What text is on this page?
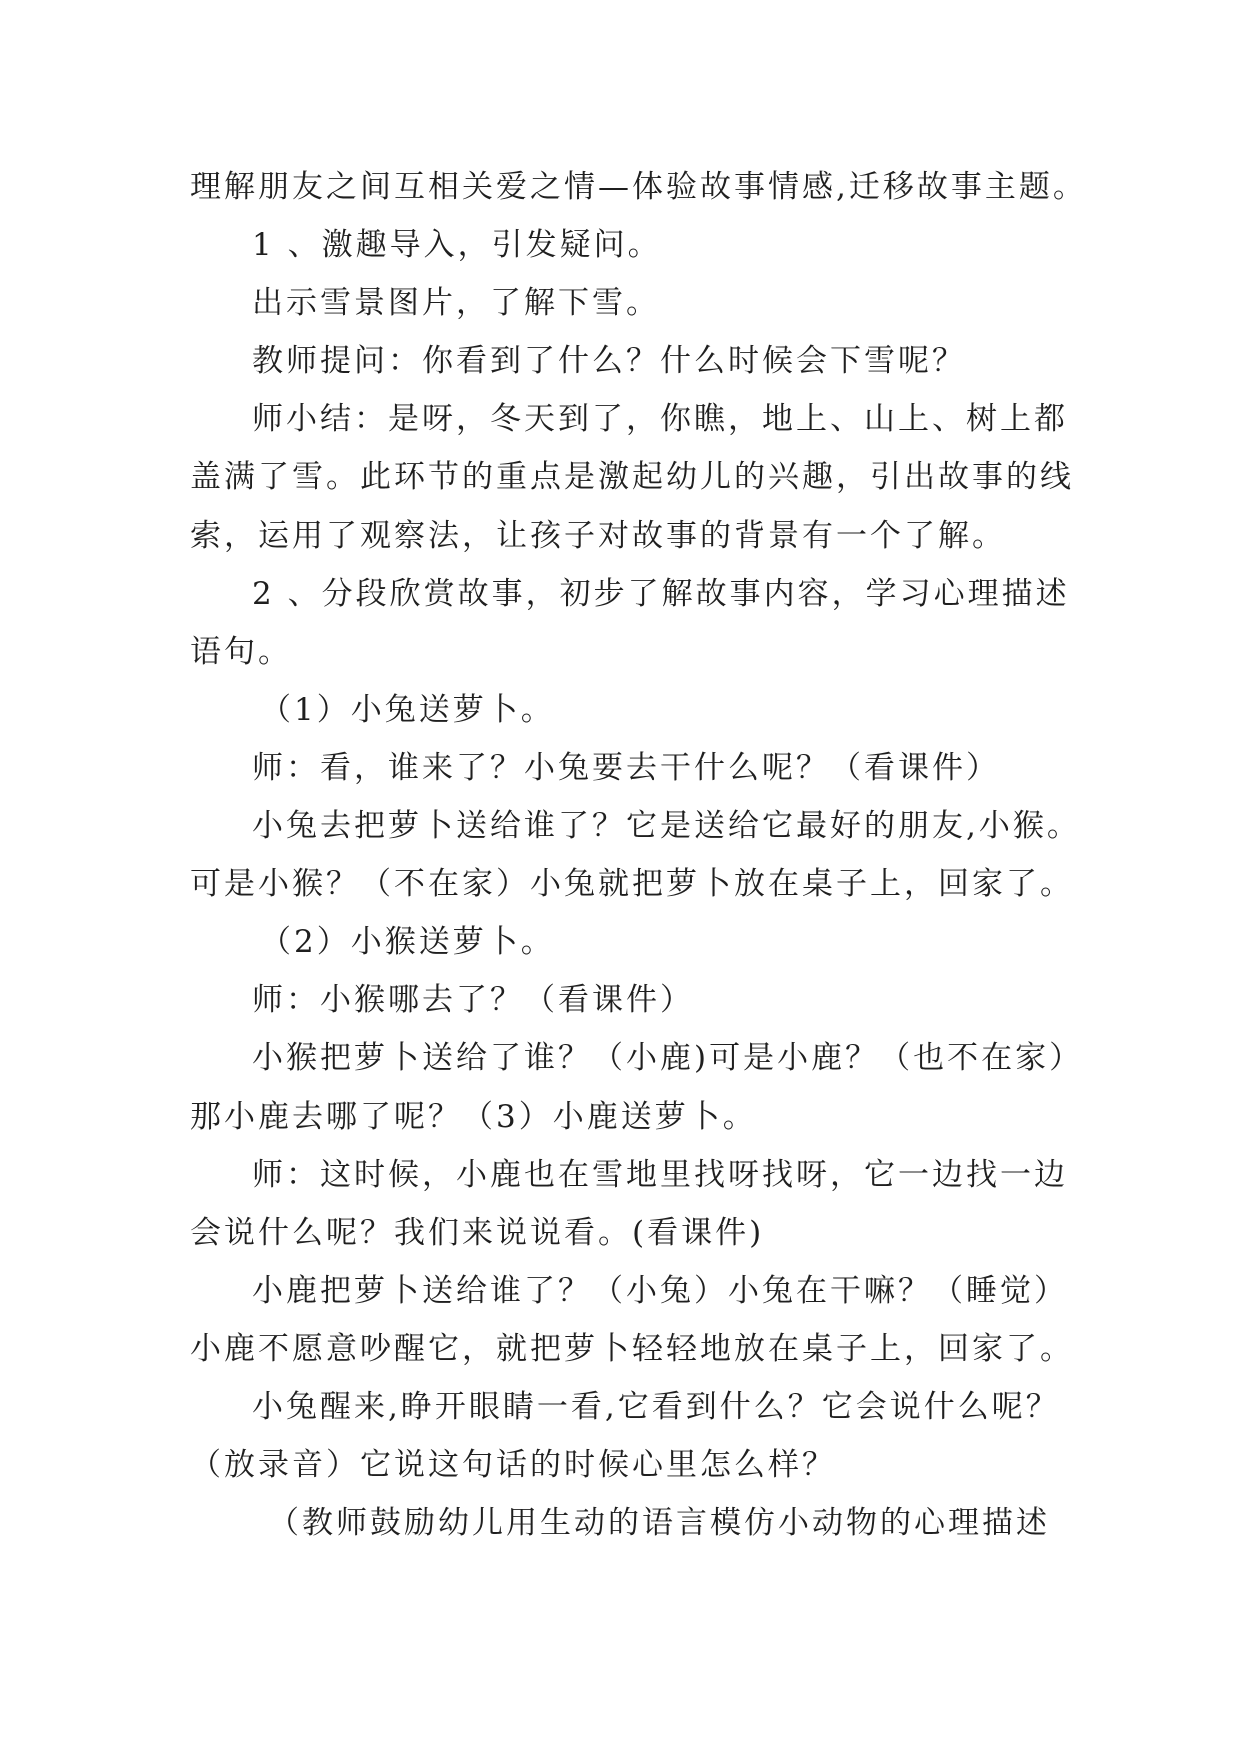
理解朋友之间互相关爱之情—体验故事情感,迁移故事主题。
1 、激趣导入，引发疑问。
出示雪景图片，了解下雪。
教师提问：你看到了什么？什么时候会下雪呢？
师小结：是呀，冬天到了，你瞧，地上、山上、树上都
盖满了雪。此环节的重点是激起幼儿的兴趣，引出故事的线
索，运用了观察法，让孩子对故事的背景有一个了解。
2 、分段欣赏故事，初步了解故事内容，学习心理描述
语句。
（1）小兔送萝卜。
师：看，谁来了？小兔要去干什么呢？（看课件）
小兔去把萝卜送给谁了？它是送给它最好的朋友,小猴。
可是小猴？（不在家）小兔就把萝卜放在桌子上，回家了。
（2）小猴送萝卜。
师：小猴哪去了？（看课件）
小猴把萝卜送给了谁？（小鹿)可是小鹿？（也不在家）
那小鹿去哪了呢？（3）小鹿送萝卜。
师：这时候，小鹿也在雪地里找呀找呀，它一边找一边
会说什么呢？我们来说说看。(看课件)
小鹿把萝卜送给谁了？（小兔）小兔在干嘛？（睡觉）
小鹿不愿意吵醒它，就把萝卜轻轻地放在桌子上，回家了。
小兔醒来,睁开眼睛一看,它看到什么？它会说什么呢？
（放录音）它说这句话的时候心里怎么样？
（教师鼓励幼儿用生动的语言模仿小动物的心理描述
